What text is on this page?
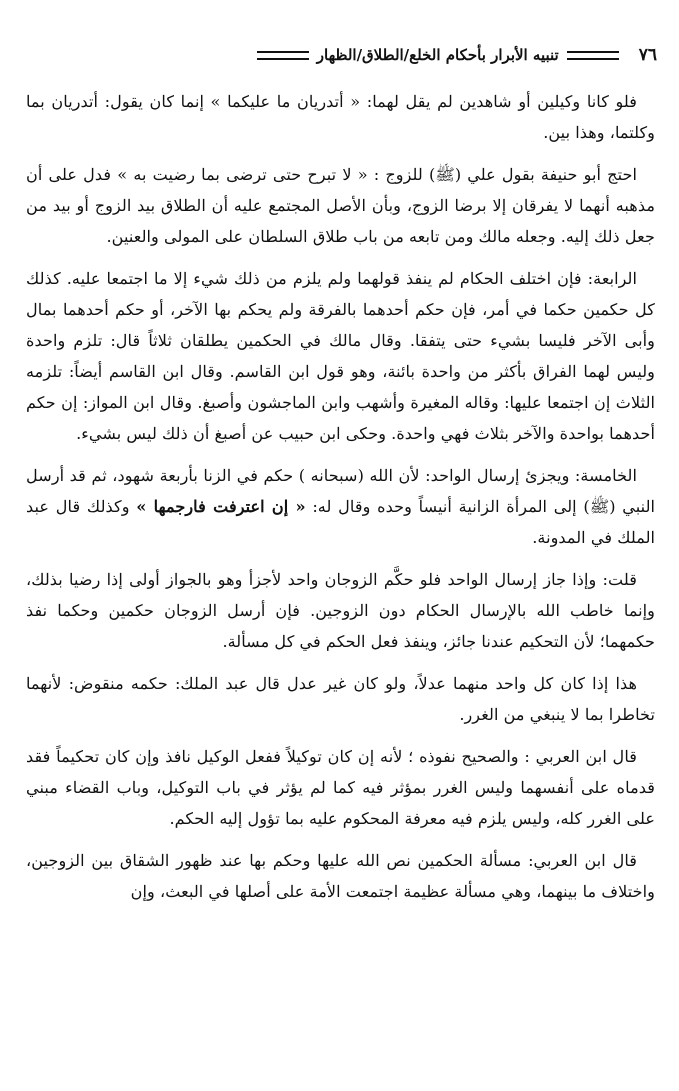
٧٦
تنبيه الأبرار بأحكام الخلع/الطلاق/الظهار

فلو كانا وكيلين أو شاهدين لم يقل لهما: « أتدريان ما عليكما » إنما كان يقول: أتدريان بما وكلتما، وهذا بين.

احتج أبو حنيفة بقول علي (ﷺ) للزوج : « لا تبرح حتى ترضى بما رضيت به » فدل على أن مذهبه أنهما لا يفرقان إلا برضا الزوج، وبأن الأصل المجتمع عليه أن الطلاق بيد الزوج أو بيد من جعل ذلك إليه. وجعله مالك ومن تابعه من باب طلاق السلطان على المولى والعنين.

الرابعة: فإن اختلف الحكام لم ينفذ قولهما ولم يلزم من ذلك شيء إلا ما اجتمعا عليه. كذلك كل حكمين حكما في أمر، فإن حكم أحدهما بالفرقة ولم يحكم بها الآخر، أو حكم أحدهما بمال وأبى الآخر فليسا بشيء حتى يتفقا. وقال مالك في الحكمين يطلقان ثلاثاً قال: تلزم واحدة وليس لهما الفراق بأكثر من واحدة بائنة، وهو قول ابن القاسم. وقال ابن القاسم أيضاً: تلزمه الثلاث إن اجتمعا عليها: وقاله المغيرة وأشهب وابن الماجشون وأصبغ. وقال ابن المواز: إن حكم أحدهما بواحدة والآخر بثلاث فهي واحدة. وحكى ابن حبيب عن أصبغ أن ذلك ليس بشيء.

الخامسة: ويجزئ إرسال الواحد: لأن الله (سبحانه ) حكم في الزنا بأربعة شهود، ثم قد أرسل النبي (ﷺ) إلى المرأة الزانية أنيساً وحده وقال له: « إن اعترفت فارجمها » وكذلك قال عبد الملك في المدونة.

قلت: وإذا جاز إرسال الواحد فلو حكَّم الزوجان واحد لأجزأ وهو بالجواز أولى إذا رضيا بذلك، وإنما خاطب الله بالإرسال الحكام دون الزوجين. فإن أرسل الزوجان حكمين وحكما نفذ حكمهما؛ لأن التحكيم عندنا جائز، وينفذ فعل الحكم في كل مسألة.

هذا إذا كان كل واحد منهما عدلاً، ولو كان غير عدل قال عبد الملك: حكمه منقوض: لأنهما تخاطرا بما لا ينبغي من الغرر.

قال ابن العربي : والصحيح نفوذه ؛ لأنه إن كان توكيلاً ففعل الوكيل نافذ وإن كان تحكيماً فقد قدماه على أنفسهما وليس الغرر بمؤثر فيه كما لم يؤثر في باب التوكيل، وباب القضاء مبني على الغرر كله، وليس يلزم فيه معرفة المحكوم عليه بما تؤول إليه الحكم.

قال ابن العربي: مسألة الحكمين نص الله عليها وحكم بها عند ظهور الشقاق بين الزوجين، واختلاف ما بينهما، وهي مسألة عظيمة اجتمعت الأمة على أصلها في البعث، وإن
